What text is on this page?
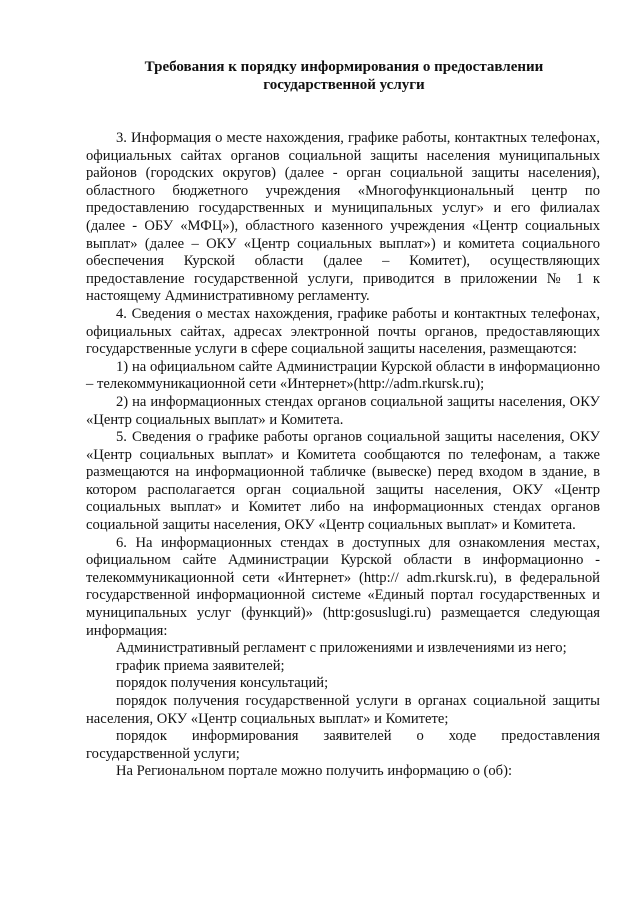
Требования к порядку информирования о предоставлении
государственной услуги

3. Информация о месте нахождения, графике работы, контактных телефонах, официальных сайтах органов социальной защиты населения муниципальных районов (городских округов) (далее - орган социальной защиты населения), областного бюджетного учреждения «Многофункциональный центр по предоставлению государственных и муниципальных услуг» и его филиалах (далее - ОБУ «МФЦ»), областного казенного учреждения «Центр социальных выплат» (далее – ОКУ «Центр социальных выплат») и комитета социального обеспечения Курской области (далее – Комитет), осуществляющих предоставление государственной услуги, приводится в приложении № 1 к настоящему Административному регламенту.

4. Сведения о местах нахождения, графике работы и контактных телефонах, официальных сайтах, адресах электронной почты органов, предоставляющих государственные услуги в сфере социальной защиты населения, размещаются:

1) на официальном сайте Администрации Курской области в информационно – телекоммуникационной сети «Интернет»(http://adm.rkursk.ru);

2) на информационных стендах органов социальной защиты населения, ОКУ «Центр социальных выплат» и Комитета.

5. Сведения о графике работы органов социальной защиты населения, ОКУ «Центр социальных выплат» и Комитета сообщаются по телефонам, а также размещаются на информационной табличке (вывеске) перед входом в здание, в котором располагается орган социальной защиты населения, ОКУ «Центр социальных выплат» и Комитет либо на информационных стендах органов социальной защиты населения, ОКУ «Центр социальных выплат» и Комитета.

6. На информационных стендах в доступных для ознакомления местах, официальном сайте Администрации Курской области в информационно - телекоммуникационной сети «Интернет» (http:// adm.rkursk.ru), в федеральной государственной информационной системе «Единый портал государственных и муниципальных услуг (функций)» (http:gosuslugi.ru) размещается следующая информация:

Административный регламент с приложениями и извлечениями из него;

график приема заявителей;

порядок получения консультаций;

порядок получения государственной услуги в органах социальной защиты населения, ОКУ «Центр социальных выплат» и Комитете;

порядок информирования заявителей о ходе предоставления государственной услуги;

На Региональном портале можно получить информацию о (об):
